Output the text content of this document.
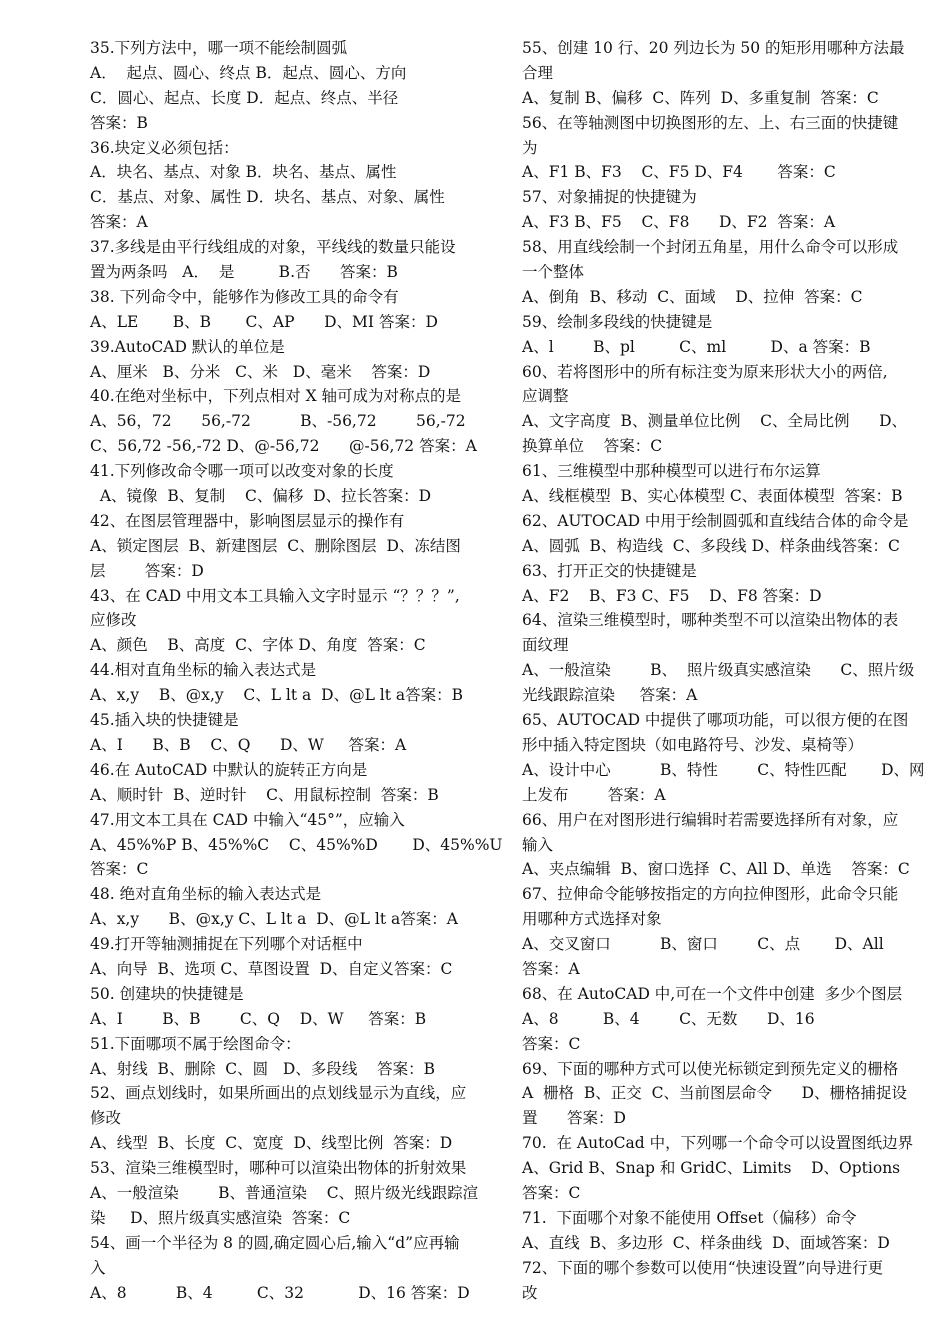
35.下列方法中，哪一项不能绘制圆弧
A．  起点、圆心、终点 B．起点、圆心、方向
C．圆心、起点、长度 D．起点、终点、半径
答案：B
36.块定义必须包括：
A．块名、基点、对象 B．块名、基点、属性
C．基点、对象、属性 D．块名、基点、对象、属性
答案：A
37.多线是由平行线组成的对象，平线线的数量只能设
置为两条吗   A．  是         B.否      答案：B
38. 下列命令中，能够作为修改工具的命令有
A、LE       B、B       C、AP      D、MI 答案：D
39.AutoCAD 默认的单位是
A、厘米   B、分米   C、米   D、毫米    答案：D
40.在绝对坐标中，下列点相对 X 轴可成为对称点的是
A、56，72      56,-72          B、-56,72        56,-72
C、56,72 -56,-72 D、@-56,72      @-56,72 答案：A
41.下列修改命令哪一项可以改变对象的长度
A、镜像  B、复制    C、偏移  D、拉长答案：D
42、在图层管理器中，影响图层显示的操作有
A、锁定图层  B、新建图层  C、删除图层  D、冻结图
层        答案：D
43、在 CAD 中用文本工具输入文字时显示 “？？？”,
应修改
A、颜色    B、高度  C、字体 D、角度  答案：C
44.相对直角坐标的输入表达式是
A、x,y    B、@x,y    C、L lt a  D、@L lt a答案：B
45.插入块的快捷键是
A、I      B、B    C、Q      D、W     答案：A
46.在 AutoCAD 中默认的旋转正方向是
A、顺时针  B、逆时针    C、用鼠标控制  答案：B
47.用文本工具在 CAD 中输入“45°”，应输入
A、45%%P B、45%%C    C、45%%D       D、45%%U
答案：C
48. 绝对直角坐标的输入表达式是
A、x,y      B、@x,y C、L lt a  D、@L lt a答案：A
49.打开等轴测捕捉在下列哪个对话框中
A、向导  B、选项 C、草图设置  D、自定义答案：C
50. 创建块的快捷键是
A、I        B、B        C、Q    D、W     答案：B
51.下面哪项不属于绘图命令：
A、射线  B、删除  C、圆   D、多段线    答案：B
52、画点划线时，如果所画出的点划线显示为直线，应
修改
A、线型  B、长度  C、宽度  D、线型比例  答案：D
53、渲染三维模型时，哪种可以渲染出物体的折射效果
A、一般渲染        B、普通渲染    C、照片级光线跟踪渲
染     D、照片级真实感渲染  答案：C
54、画一个半径为 8 的圆,确定圆心后,输入“d”应再输
入
A、8          B、4         C、32           D、16 答案：D
55、创建 10 行、20 列边长为 50 的矩形用哪种方法最
合理
A、复制 B、偏移  C、阵列  D、多重复制  答案：C
56、在等轴测图中切换图形的左、上、右三面的快捷键
为
A、F1 B、F3    C、F5 D、F4       答案：C
57、对象捕捉的快捷键为
A、F3 B、F5    C、F8      D、F2  答案：A
58、用直线绘制一个封闭五角星，用什么命令可以形成
一个整体
A、倒角  B、移动  C、面域    D、拉伸  答案：C
59、绘制多段线的快捷键是
A、l        B、pl         C、ml         D、a 答案：B
60、若将图形中的所有标注变为原来形状大小的两倍,
应调整
A、文字高度  B、测量单位比例    C、全局比例      D、
换算单位    答案：C
61、三维模型中那种模型可以进行布尔运算
A、线框模型  B、实心体模型 C、表面体模型  答案：B
62、AUTOCAD 中用于绘制圆弧和直线结合体的命令是
A、圆弧  B、构造线  C、多段线 D、样条曲线答案：C
63、打开正交的快捷键是
A、F2    B、F3 C、F5    D、F8 答案：D
64、渲染三维模型时，哪种类型不可以渲染出物体的表
面纹理
A、一般渲染        B、  照片级真实感渲染      C、照片级
光线跟踪渲染     答案：A
65、AUTOCAD 中提供了哪项功能，可以很方便的在图
形中插入特定图块（如电路符号、沙发、桌椅等）
A、设计中心          B、特性        C、特性匹配       D、网
上发布        答案：A
66、用户在对图形进行编辑时若需要选择所有对象，应
输入
A、夹点编辑  B、窗口选择  C、All D、单选    答案：C
67、拉伸命令能够按指定的方向拉伸图形，此命令只能
用哪种方式选择对象
A、交叉窗口          B、窗口        C、点       D、All
答案：A
68、在 AutoCAD 中,可在一个文件中创建  多少个图层
A、8         B、4        C、无数      D、16
答案：C
69、下面的哪种方式可以使光标锁定到预先定义的栅格
A  栅格  B、正交  C、当前图层命令      D、栅格捕捉设
置      答案：D
70.  在 AutoCad 中，下列哪一个命令可以设置图纸边界
A、Grid B、Snap 和 GridC、Limits    D、Options
答案：C
71.  下面哪个对象不能使用 Offset（偏移）命令
A、直线  B、多边形  C、样条曲线  D、面域答案：D
72、下面的哪个参数可以使用“快速设置”向导进行更
改
